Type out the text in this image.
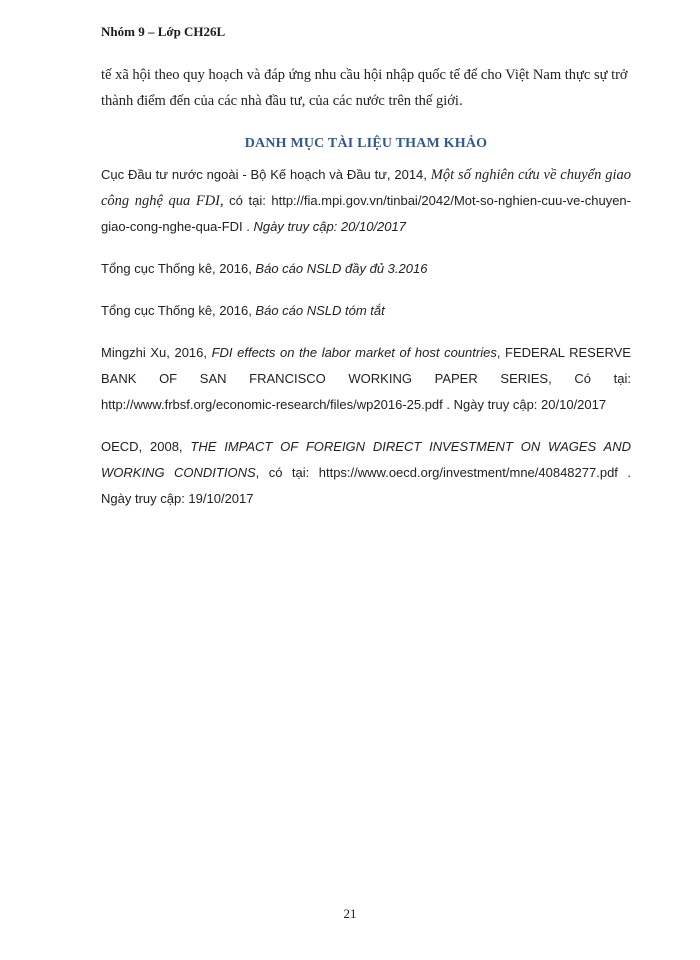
Nhóm 9 – Lớp CH26L

tế xã hội theo quy hoạch và đáp ứng nhu cầu hội nhập quốc tế để cho Việt Nam thực sự trở thành điểm đến của các nhà đầu tư, của các nước trên thế giới.

DANH MỤC TÀI LIỆU THAM KHẢO

Cục Đầu tư nước ngoài - Bộ Kế hoạch và Đầu tư, 2014, Một số nghiên cứu về chuyển giao công nghệ qua FDI, có tại: http://fia.mpi.gov.vn/tinbai/2042/Mot-so-nghien-cuu-ve-chuyen-giao-cong-nghe-qua-FDI . Ngày truy cập: 20/10/2017

Tổng cục Thống kê, 2016, Báo cáo NSLD đầy đủ 3.2016

Tổng cục Thống kê, 2016, Báo cáo NSLD tóm tắt

Mingzhi Xu, 2016, FDI effects on the labor market of host countries, FEDERAL RESERVE BANK OF SAN FRANCISCO WORKING PAPER SERIES, Có tại: http://www.frbsf.org/economic-research/files/wp2016-25.pdf . Ngày truy cập: 20/10/2017

OECD, 2008, THE IMPACT OF FOREIGN DIRECT INVESTMENT ON WAGES AND WORKING CONDITIONS, có tại: https://www.oecd.org/investment/mne/40848277.pdf . Ngày truy cập: 19/10/2017

21
